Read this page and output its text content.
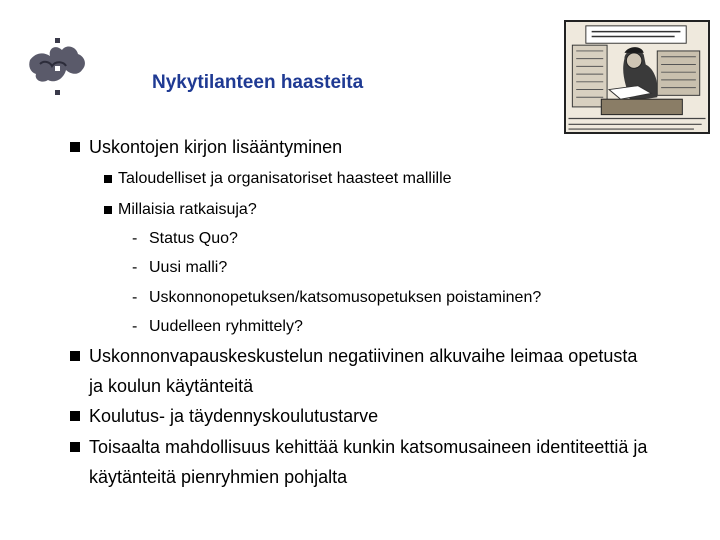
Nykytilanteen haasteita
Uskontojen kirjon lisääntyminen
Taloudelliset ja organisatoriset haasteet mallille
Millaisia ratkaisuja?
- Status Quo?
- Uusi malli?
- Uskonnonopetuksen/katsomusopetuksen poistaminen?
- Uudelleen ryhmittely?
Uskonnonvapauskeskustelun negatiivinen alkuvaihe leimaa opetusta
ja koulun käytänteitä
Koulutus- ja täydennyskoulutustarve
Toisaalta mahdollisuus kehittää kunkin katsomusaineen identiteettiä ja
käytänteitä pienryhmien pohjalta
